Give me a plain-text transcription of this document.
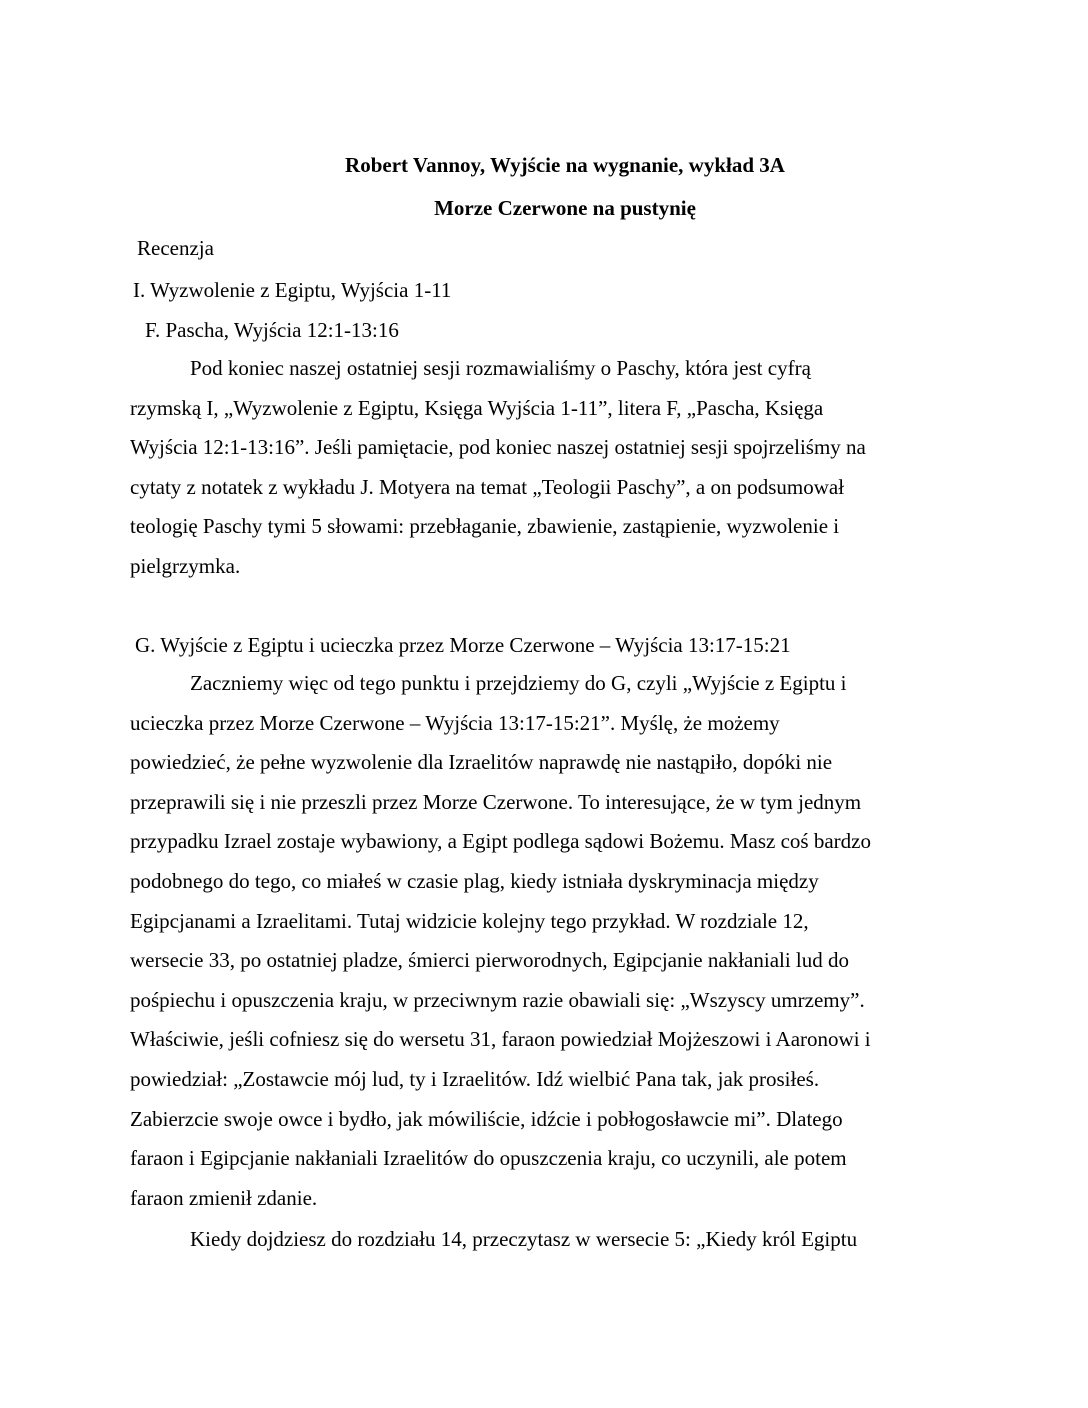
Robert Vannoy, Wyjście na wygnanie, wykład 3A
Morze Czerwone na pustynię
Recenzja
I. Wyzwolenie z Egiptu, Wyjścia 1-11
F. Pascha, Wyjścia 12:1-13:16
Pod koniec naszej ostatniej sesji rozmawialiśmy o Paschy, która jest cyfrą
rzymską I, „Wyzwolenie z Egiptu, Księga Wyjścia 1-11”, litera F, „Pascha, Księga
Wyjścia 12:1-13:16”. Jeśli pamiętacie, pod koniec naszej ostatniej sesji spojrzeliśmy na
cytaty z notatek z wykładu J. Motyera na temat „Teologii Paschy”, a on podsumował
teologię Paschy tymi 5 słowami: przebłaganie, zbawienie, zastąpienie, wyzwolenie i
pielgrzymka.
G. Wyjście z Egiptu i ucieczka przez Morze Czerwone – Wyjścia 13:17-15:21
Zaczniemy więc od tego punktu i przejdziemy do G, czyli „Wyjście z Egiptu i
ucieczka przez Morze Czerwone – Wyjścia 13:17-15:21”. Myślę, że możemy
powiedzieć, że pełne wyzwolenie dla Izraelitów naprawdę nie nastąpiło, dopóki nie
przeprawili się i nie przeszli przez Morze Czerwone. To interesujące, że w tym jednym
przypadku Izrael zostaje wybawiony, a Egipt podlega sądowi Bożemu. Masz coś bardzo
podobnego do tego, co miałeś w czasie plag, kiedy istniała dyskryminacja między
Egipcjanami a Izraelitami. Tutaj widzicie kolejny tego przykład. W rozdziale 12,
wersecie 33, po ostatniej pladze, śmierci pierworodnych, Egipcjanie nakłaniali lud do
pośpiechu i opuszczenia kraju, w przeciwnym razie obawiali się: „Wszyscy umrzemy”.
Właściwie, jeśli cofniesz się do wersetu 31, faraon powiedział Mojżeszowi i Aaronowi i
powiedział: „Zostawcie mój lud, ty i Izraelitów. Idź wielbić Pana tak, jak prosiłeś.
Zabierzcie swoje owce i bydło, jak mówiliście, idźcie i pobłogosławcie mi”. Dlatego
faraon i Egipcjanie nakłaniali Izraelitów do opuszczenia kraju, co uczynili, ale potem
faraon zmienił zdanie.
Kiedy dojdziesz do rozdziału 14, przeczytasz w wersecie 5: „Kiedy król Egiptu
